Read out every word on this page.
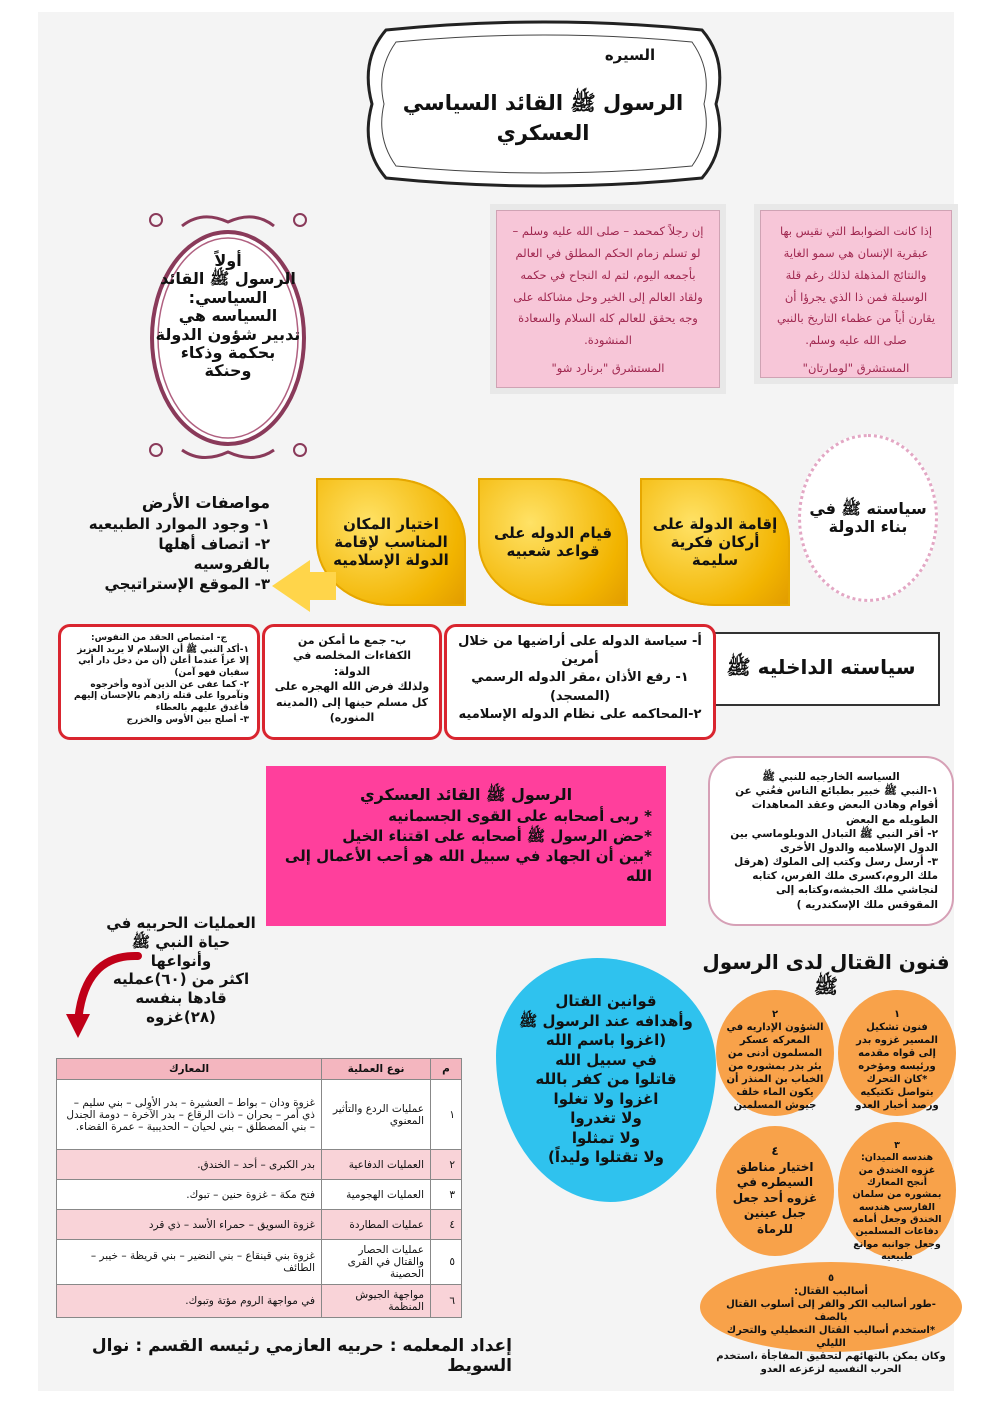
السيره
الرسول ﷺ القائد السياسي العسكري
إذا كانت الضوابط التي نقيس بها عبقرية الإنسان هي سمو الغاية والنتائج المذهلة لذلك رغم قلة الوسيلة فمن ذا الذي يجرؤا أن يقارن أياً من عظماء التاريخ بالنبي صلى الله عليه وسلم.
المستشرق "لومارتان"
إن رجلاً كمحمد – صلى الله عليه وسلم – لو تسلم زمام الحكم المطلق في العالم بأجمعه اليوم، لتم له النجاح في حكمه ولقاد العالم إلى الخير وحل مشاكله على وجه يحقق للعالم كله السلام والسعادة المنشودة.
المستشرق "برنارد شو"
أولاً
الرسول ﷺ القائد
السياسي:
السياسه هي
تدبير شؤون الدولة
بحكمة وذكاء
وحنكة
سياسته ﷺ في بناء الدولة
إقامة الدولة على أركان فكرية سليمة
قيام الدوله على قواعد شعبيه
اختيار المكان المناسب لإقامة الدولة الإسلاميه
مواصفات الأرض
١- وجود الموارد الطبيعيه
٢- اتصاف أهلها بالفروسيه
٣- الموقع الإستراتيجي
سياسته الداخليه ﷺ
أ- سياسة الدوله على أراضيها من خلال أمرين
١- رفع الأذان ،مقر الدوله الرسمي (المسجد)
٢-المحاكمه على نظام الدوله الإسلاميه
ب- جمع ما أمكن من الكفاءات المخلصه في الدولة:
ولذلك فرض الله الهجره على كل مسلم حينها إلى (المدينه المنوره)
ج- امتصاص الحقد من النفوس:
١-أكد النبي ﷺ أن الإسلام لا يريد العزيز إلا عزاً عندما أعلن (أن من دخل دار أبي سفيان فهو آمن)
٢- كما عفى عن الذين آذوه وأخرجوه وتآمروا على قتله زادهم بالإحسان إليهم فأغدق عليهم بالعطاء
٣- أصلح بين الأوس والخزرج
الرسول ﷺ القائد العسكري
* ربى أصحابه على القوى الجسمانيه
*حض الرسول ﷺ أصحابه على اقتناء الخيل
*بين أن الجهاد في سبيل الله هو أحب الأعمال إلى الله
السياسه الخارجيه للنبي ﷺ
١-النبي ﷺ خبير بطبائع الناس فعُني عن أقوام وهادن البعض وعقد المعاهدات الطويله مع البعض
٢- أقر النبي ﷺ التبادل الدوبلوماسي بين الدول الإسلاميه والدول الأخرى
٣- أرسل رسل وكتب إلى الملوك (هرقل ملك الروم،كسرى ملك الفرس، كتابه لنجاشي ملك الحبشه،وكتابه إلى المقوقس ملك الإسكندريه )
العمليات الحربيه في
حياة النبي ﷺ
وأنواعها
اكثر من (٦٠)عمليه
قادها بنفسه
(٢٨)غزوه
م	نوع العملية	المعارك
١	عمليات الردع والتأثير المعنوي	غزوة ودان – بواط – العشيرة – بدر الأولى – بني سليم – ذي أمر – بحران – ذات الرقاع – بدر الآخرة – دومة الجندل – بني المصطلق – بني لحيان – الحديبية – عمرة القضاء.
٢	العمليات الدفاعية	بدر الكبرى – أحد – الخندق.
٣	العمليات الهجومية	فتح مكة – غزوة حنين – تبوك.
٤	عمليات المطاردة	غزوة السويق – حمراء الأسد – ذي قرد
٥	عمليات الحصار والقتال في القرى الحصينة	غزوة بني قينقاع – بني النضير – بني قريظة – خيبر – الطائف
٦	مواجهة الجيوش المنظمة	في مواجهة الروم مؤتة وتبوك.
قوانين القتال
وأهدافه عند الرسول ﷺ
(اغزوا باسم الله
في سبيل الله
قاتلوا من كفر بالله
اغزوا ولا تغلوا
ولا تغدروا
ولا تمثلوا
ولا تقتلوا وليداً)
فنون القتال لدى الرسول ﷺ
١
فنون تشكيل المسير غزوه بدر إلى قواه مقدمه ورئيسه ومؤخره *كان التحرك بتواصل تكتيكيه ورصد أخبار العدو
٢
الشؤون الإداريه في المعركه عسكر المسلمون أدنى من بئر بدر بمشوره من الخباب بن المنذر أن يكون الماء خلف جيوش المسلمين
٣
هندسه الميدان: غزوه الخندق من أنجح المعارك بمشوره من سلمان الفارسي هندسه الخندق وجعل أمامه دفاعات المسلمين وجعل جوانبه موانع طبيعيه
٤
اختيار مناطق السيطره في غزوه أحد جعل جبل عينين للرماة
٥
أساليب القتال:
-طور أساليب الكر والفر إلى أسلوب القتال بالصف
*استخدم أساليب القتال التعطيلي والتحرك الليلي
وكان يمكن بالتهائهم لتحقيق المفاجأة ،استخدم الحرب النفسيه لزعزعه العدو
إعداد المعلمه : حربيه العازمي رئيسه القسم : نوال السويط
